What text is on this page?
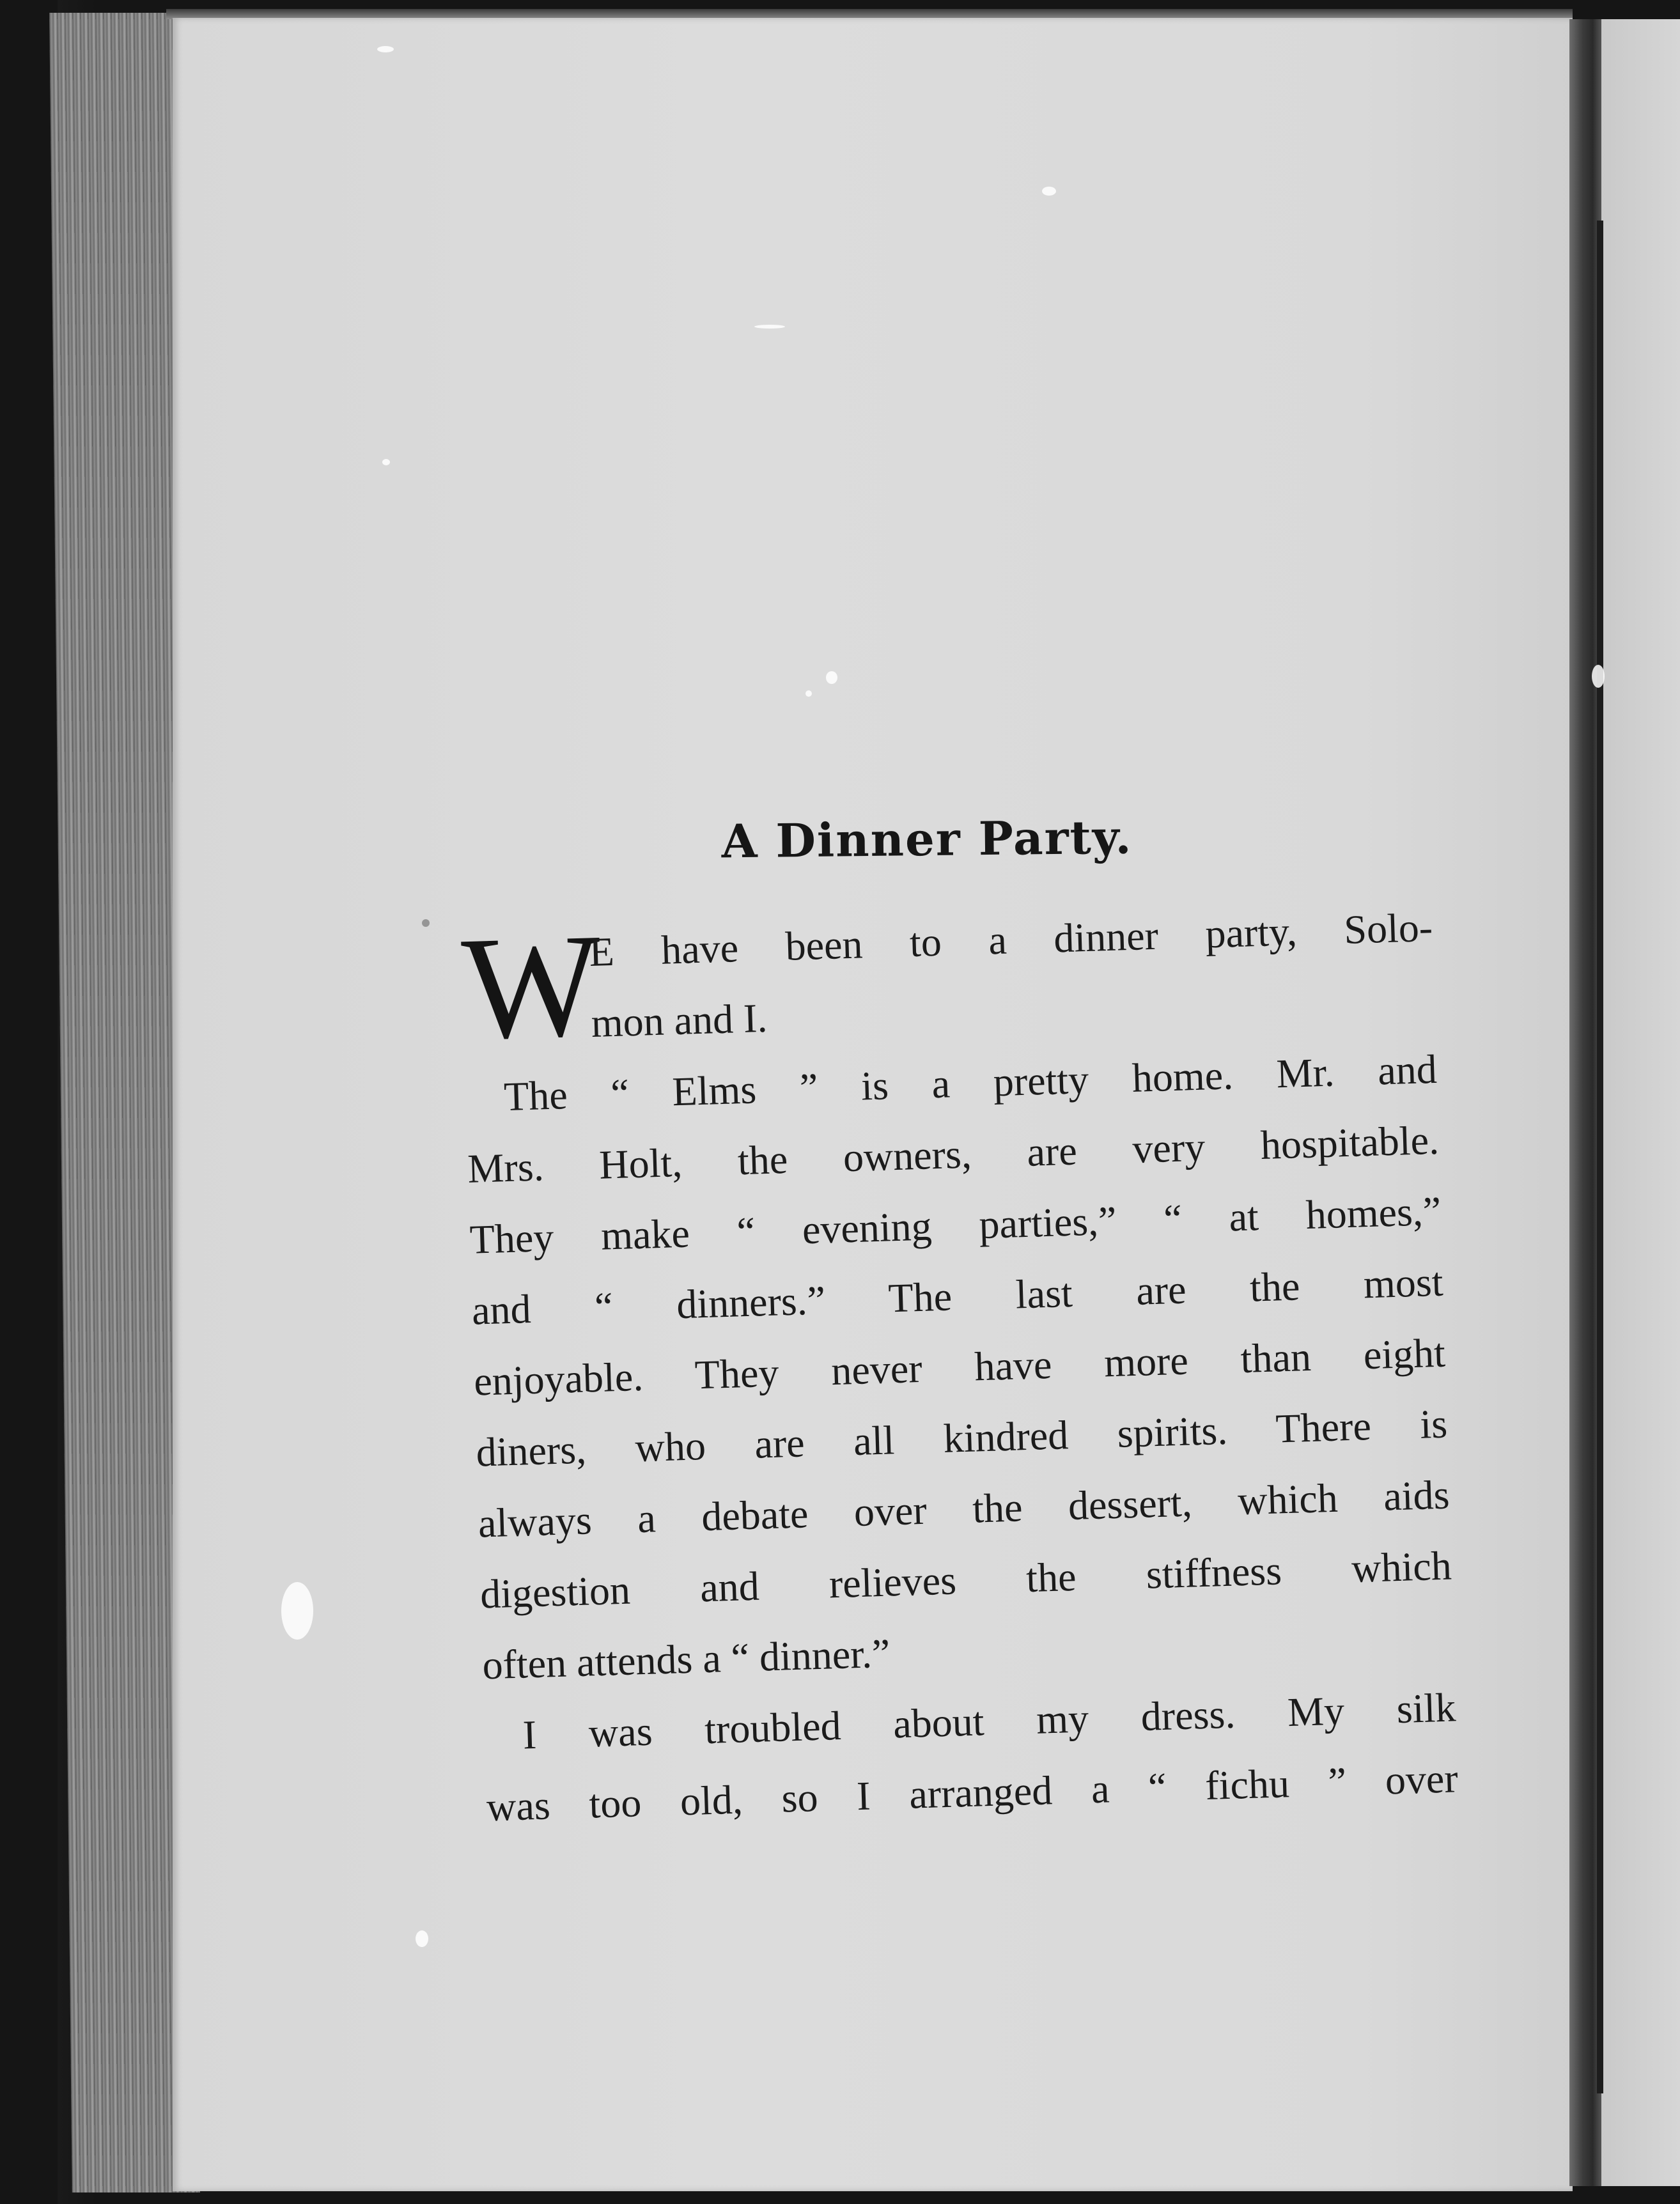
A Dinner Party.
W
E have been to a dinner party, Solo-
mon and I.
The “ Elms ” is a pretty home. Mr. and
Mrs. Holt, the owners, are very hospitable.
They make “ evening parties,” “ at homes,”
and “ dinners.” The last are the most
enjoyable. They never have more than eight
diners, who are all kindred spirits. There is
always a debate over the dessert, which aids
digestion and relieves the stiffness which
often attends a “ dinner.”
I was troubled about my dress. My silk
was too old, so I arranged a “ fichu ” over
